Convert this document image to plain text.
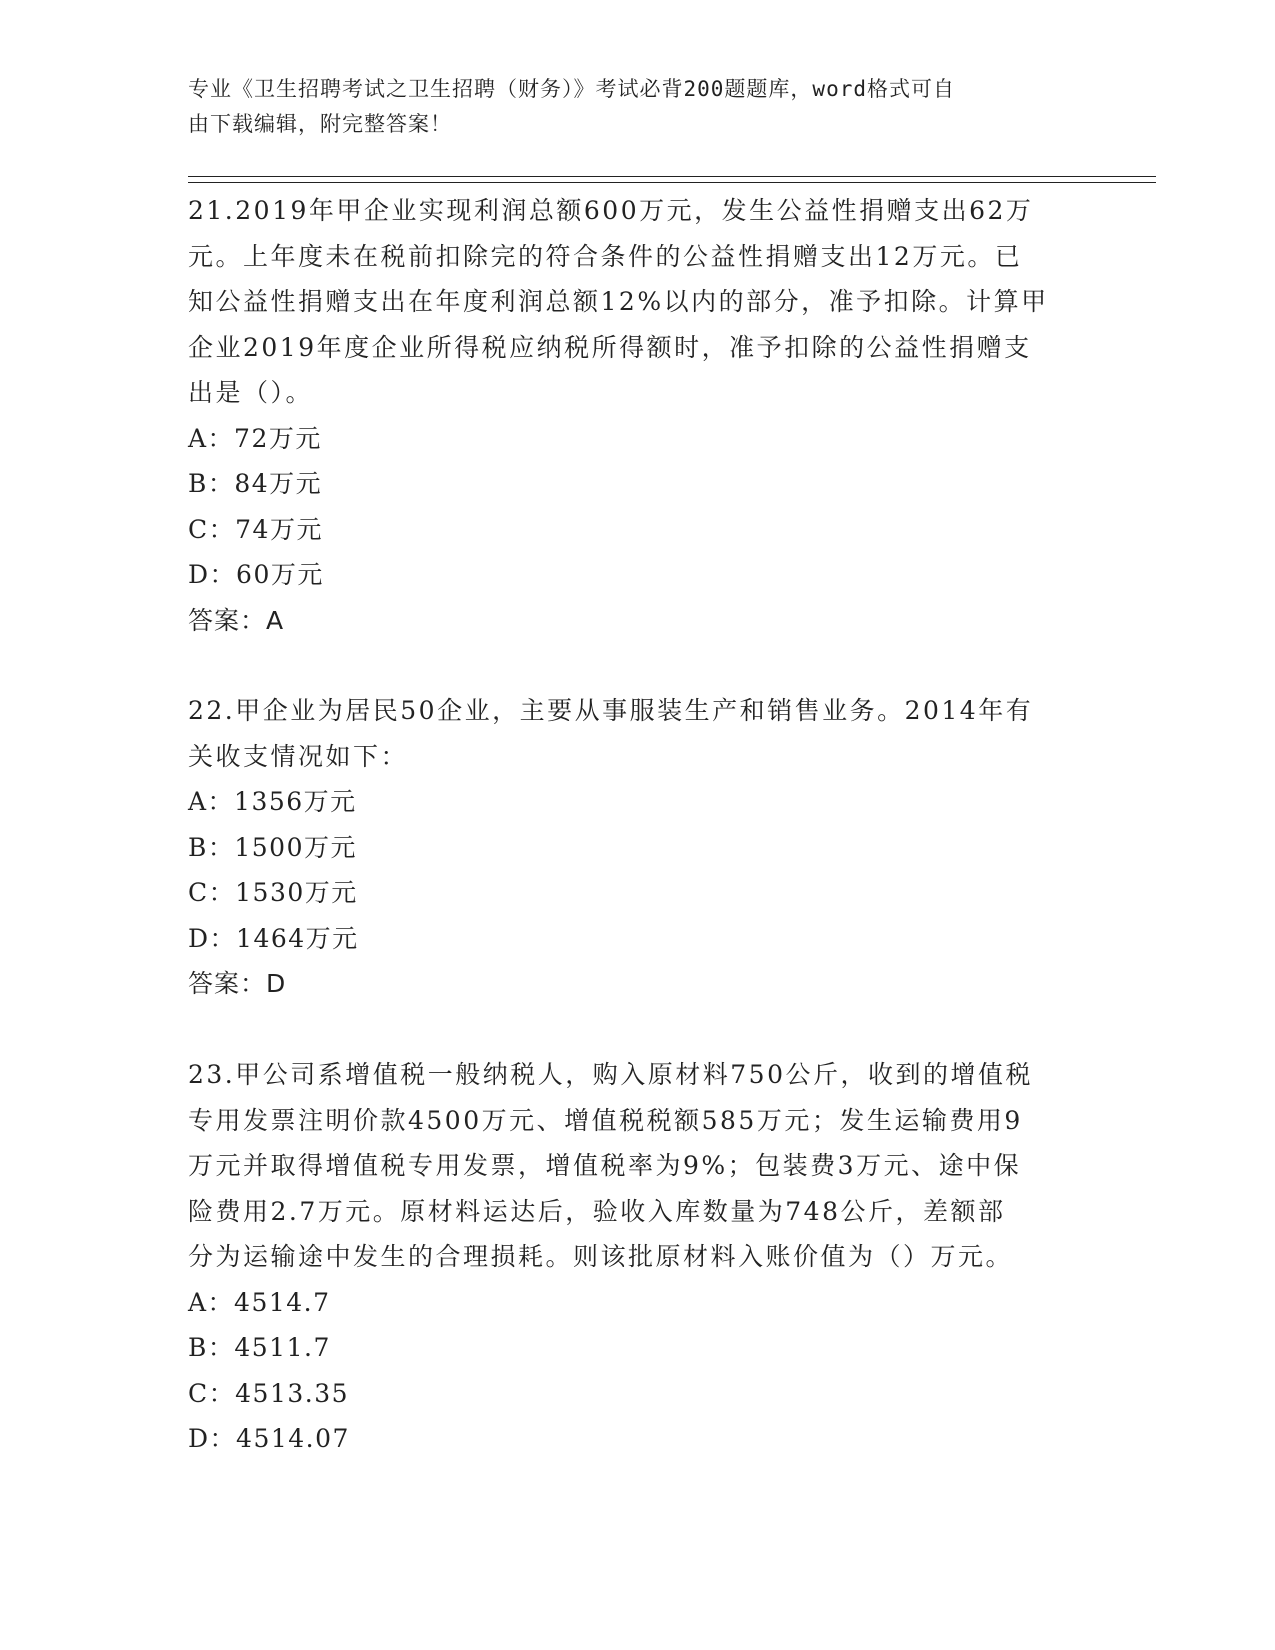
专业《卫生招聘考试之卫生招聘（财务）》考试必背200题题库，word格式可自
由下载编辑，附完整答案！

21.2019年甲企业实现利润总额600万元，发生公益性捐赠支出62万

元。上年度未在税前扣除完的符合条件的公益性捐赠支出12万元。已

知公益性捐赠支出在年度利润总额12%以内的部分，准予扣除。计算甲

企业2019年度企业所得税应纳税所得额时，准予扣除的公益性捐赠支

出是（）。

A：72万元

B：84万元

C：74万元

D：60万元

答案：A

22.甲企业为居民50企业，主要从事服装生产和销售业务。2014年有

关收支情况如下：

A：1356万元

B：1500万元

C：1530万元

D：1464万元

答案：D

23.甲公司系增值税一般纳税人，购入原材料750公斤，收到的增值税

专用发票注明价款4500万元、增值税税额585万元；发生运输费用9

万元并取得增值税专用发票，增值税率为9%；包装费3万元、途中保

险费用2.7万元。原材料运达后，验收入库数量为748公斤，差额部

分为运输途中发生的合理损耗。则该批原材料入账价值为（）万元。

A：4514.7

B：4511.7

C：4513.35

D：4514.07
